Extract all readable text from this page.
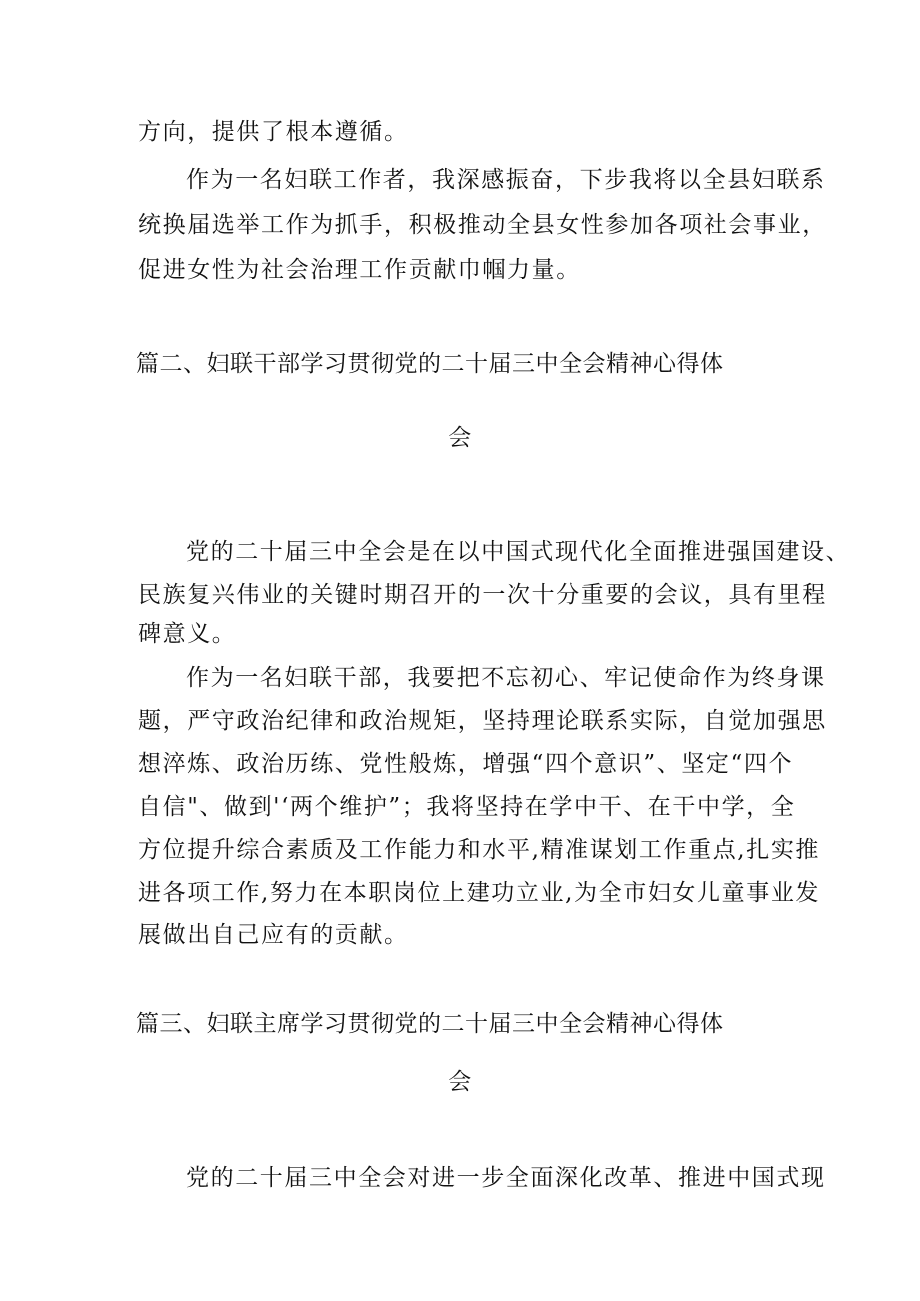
方向，提供了根本遵循。
作为一名妇联工作者，我深感振奋，下步我将以全县妇联系
统换届选举工作为抓手，积极推动全县女性参加各项社会事业，
促进女性为社会治理工作贡献巾帼力量。
篇二、妇联干部学习贯彻党的二十届三中全会精神心得体
会
党的二十届三中全会是在以中国式现代化全面推进强国建设、
民族复兴伟业的关键时期召开的一次十分重要的会议，具有里程
碑意义。
作为一名妇联干部，我要把不忘初心、牢记使命作为终身课
题，严守政治纪律和政治规矩，坚持理论联系实际，自觉加强思
想淬炼、政治历练、党性般炼，增强“四个意识”、坚定“四个
自信"、做到'‘两个维护”；我将坚持在学中干、在干中学，全
方位提升综合素质及工作能力和水平,精准谋划工作重点,扎实推
进各项工作,努力在本职岗位上建功立业,为全市妇女儿童事业发
展做出自己应有的贡献。
篇三、妇联主席学习贯彻党的二十届三中全会精神心得体
会
党的二十届三中全会对进一步全面深化改革、推进中国式现
